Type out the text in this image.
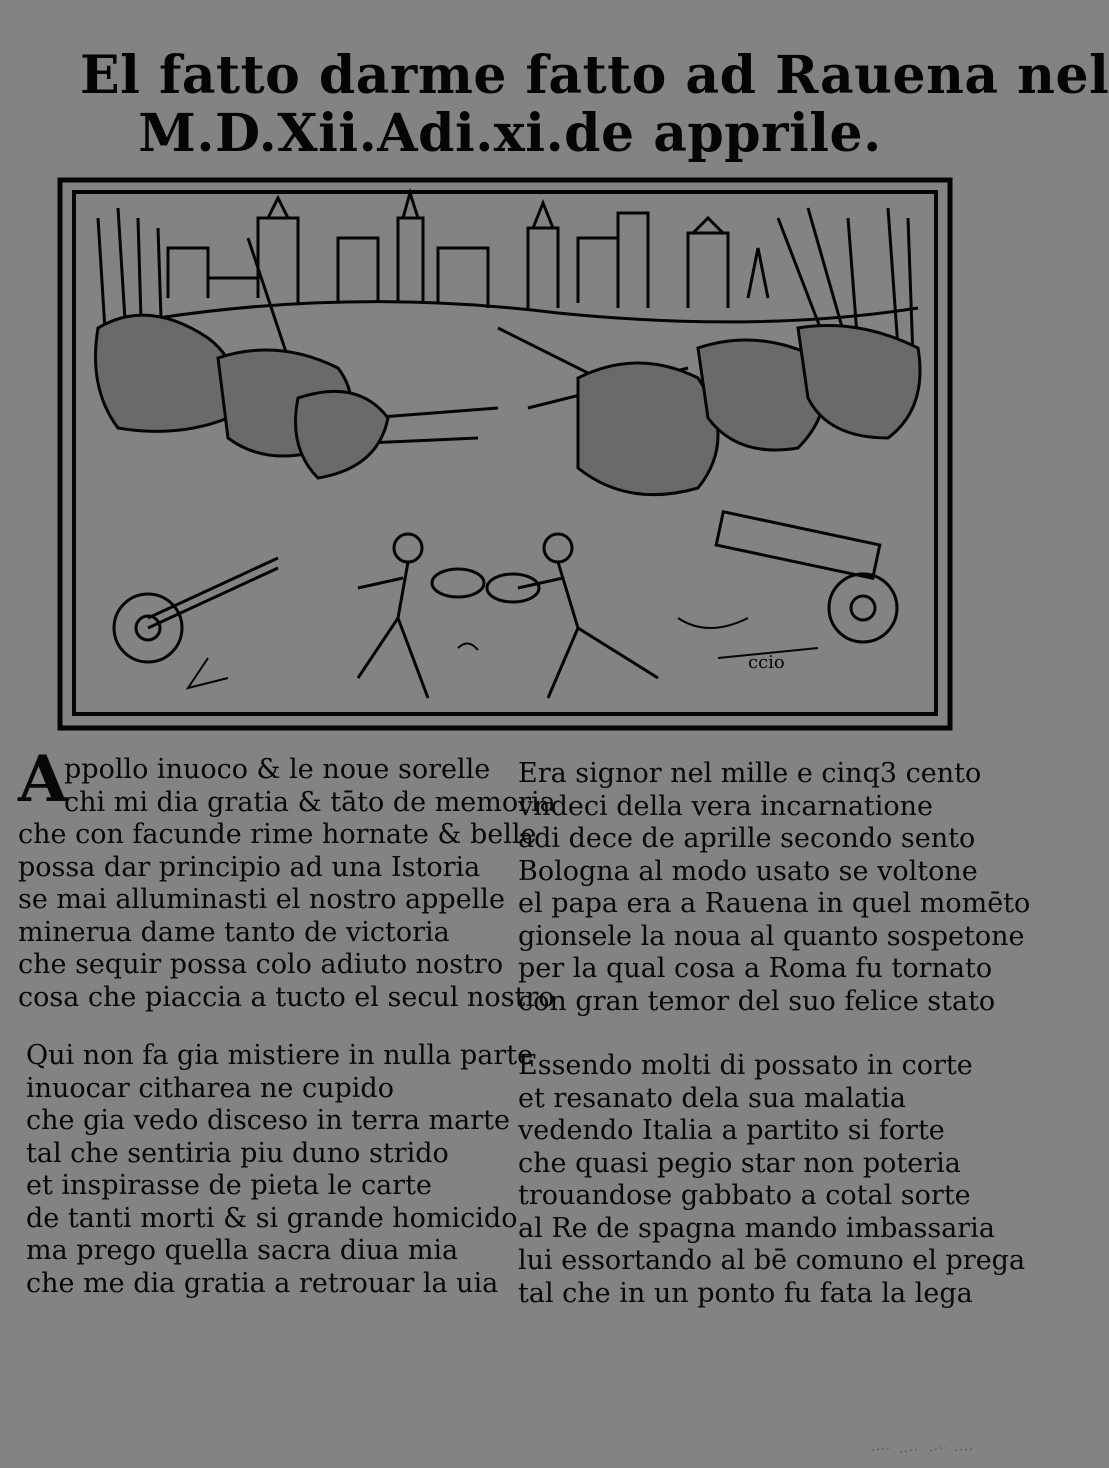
El fatto darme fatto ad Rauena nel
M.D.Xii.Adi.xi.de apprile.
ccio
A
ppollo inuoco & le noue sorelle
chi mi dia gratia & tāto de memoria
che con facunde rime hornate & belle
possa dar principio ad una Istoria
se mai alluminasti el nostro appelle
minerua dame tanto de victoria
che sequir possa colo adiuto nostro
cosa che piaccia a tucto el secul nostro
Era signor nel mille e cinq3 cento
vndeci della vera incarnatione
adi dece de aprille secondo sento
Bologna al modo usato se voltone
el papa era a Rauena in quel momēto
gionsele la noua al quanto sospetone
per la qual cosa a Roma fu tornato
con gran temor del suo felice stato
Qui non fa gia mistiere in nulla parte
inuocar citharea ne cupido
che gia vedo disceso in terra marte
tal che sentiria piu duno strido
et inspirasse de pieta le carte
de tanti morti & si grande homicido
ma prego quella sacra diua mia
che me dia gratia a retrouar la uia
Essendo molti di possato in corte
et resanato dela sua malatia
vedendo Italia a partito si forte
che quasi pegio star non poteria
trouandose gabbato a cotal sorte
al Re de spagna mando imbassaria
lui essortando al bē comuno el prega
tal che in un ponto fu fata la lega
